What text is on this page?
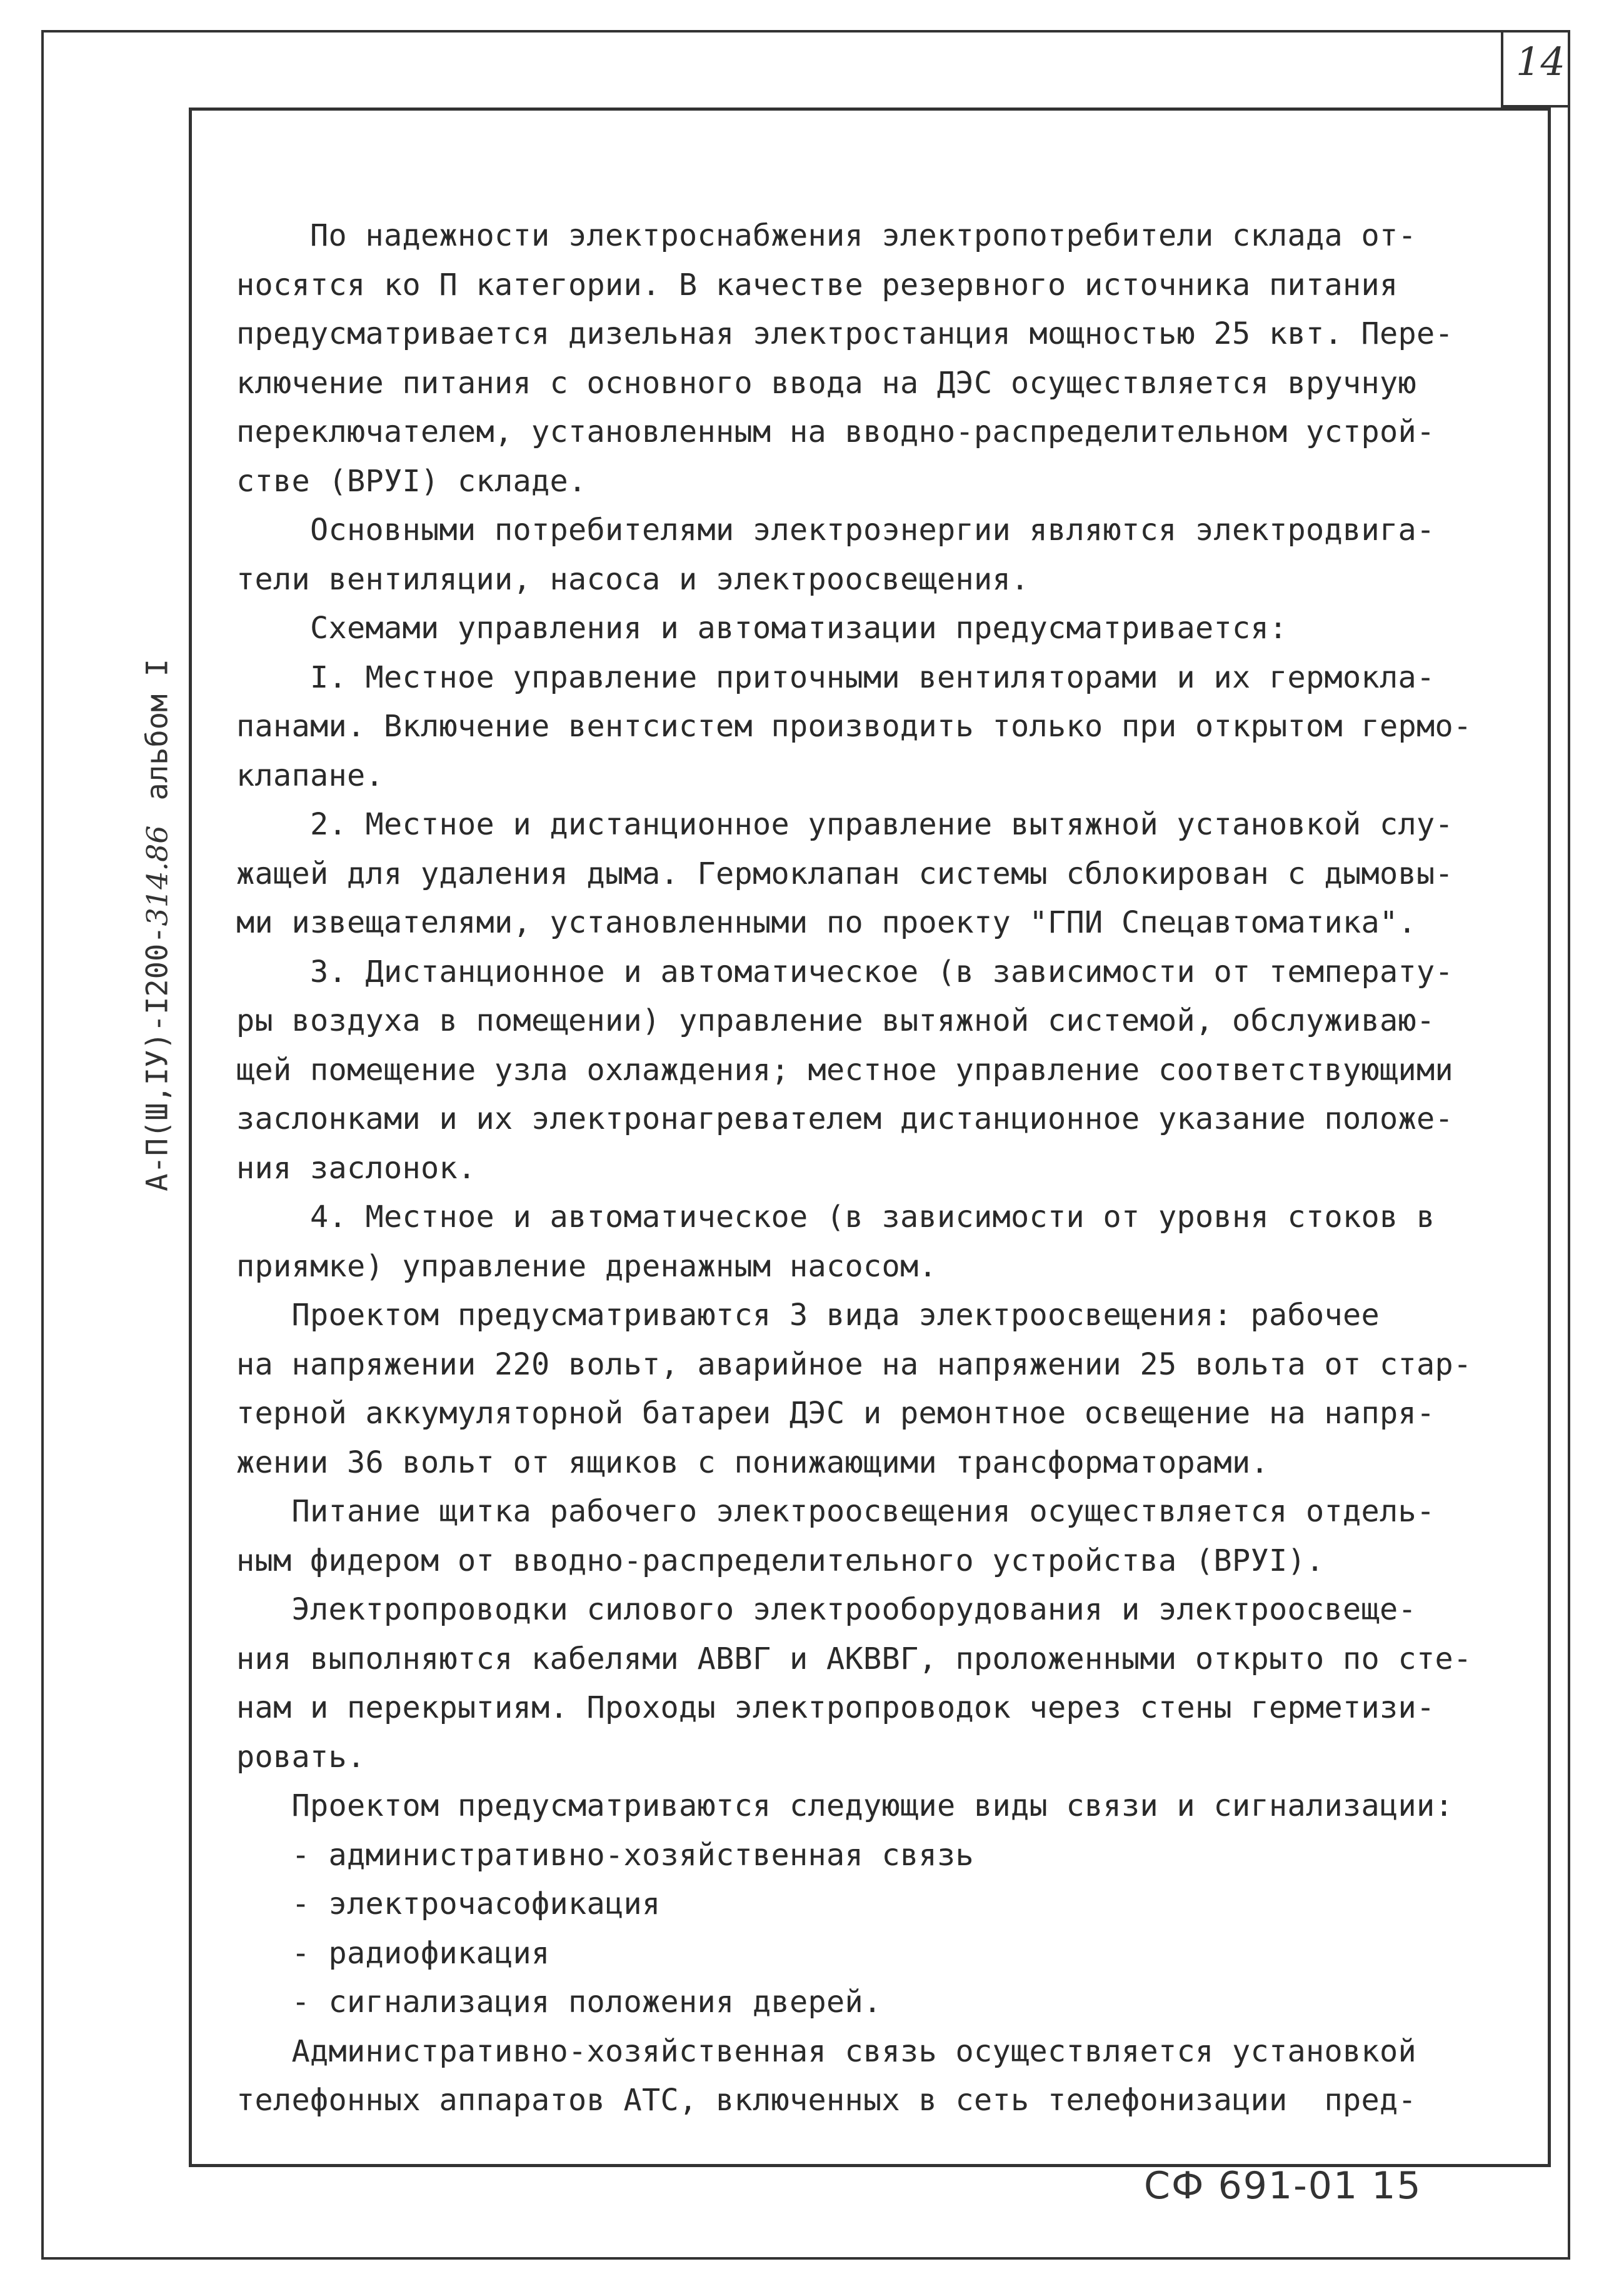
14
А-П(Ш,IУ)-I200-314.86альбом I
По надежности электроснабжения электропотребители склада от-
носятся ко П категории. В качестве резервного источника питания
предусматривается дизельная электростанция мощностью 25 квт. Пере-
ключение питания с основного ввода на ДЭС осуществляется вручную
переключателем, установленным на вводно-распределительном устрой-
стве (ВРУI) складе.
Основными потребителями электроэнергии являются электродвига-
тели вентиляции, насоса и электроосвещения.
Схемами управления и автоматизации предусматривается:
I. Местное управление приточными вентиляторами и их гермокла-
панами. Включение вентсистем производить только при открытом гермо-
клапане.
2. Местное и дистанционное управление вытяжной установкой слу-
жащей для удаления дыма. Гермоклапан системы сблокирован с дымовы-
ми извещателями, установленными по проекту "ГПИ Спецавтоматика".
3. Дистанционное и автоматическое (в зависимости от температу-
ры воздуха в помещении) управление вытяжной системой, обслуживаю-
щей помещение узла охлаждения; местное управление соответствующими
заслонками и их электронагревателем дистанционное указание положе-
ния заслонок.
4. Местное и автоматическое (в зависимости от уровня стоков в
приямке) управление дренажным насосом.
Проектом предусматриваются 3 вида электроосвещения: рабочее
на напряжении 220 вольт, аварийное на напряжении 25 вольта от стар-
терной аккумуляторной батареи ДЭС и ремонтное освещение на напря-
жении 36 вольт от ящиков с понижающими трансформаторами.
Питание щитка рабочего электроосвещения осуществляется отдель-
ным фидером от вводно-распределительного устройства (ВРУI).
Электропроводки силового электрооборудования и электроосвеще-
ния выполняются кабелями АВВГ и АКВВГ, проложенными открыто по сте-
нам и перекрытиям. Проходы электропроводок через стены герметизи-
ровать.
Проектом предусматриваются следующие виды связи и сигнализации:
- административно-хозяйственная связь
- электрочасофикация
- радиофикация
- сигнализация положения дверей.
Административно-хозяйственная связь осуществляется установкой
телефонных аппаратов АТС, включенных в сеть телефонизации  пред-
СФ 691-01 15
